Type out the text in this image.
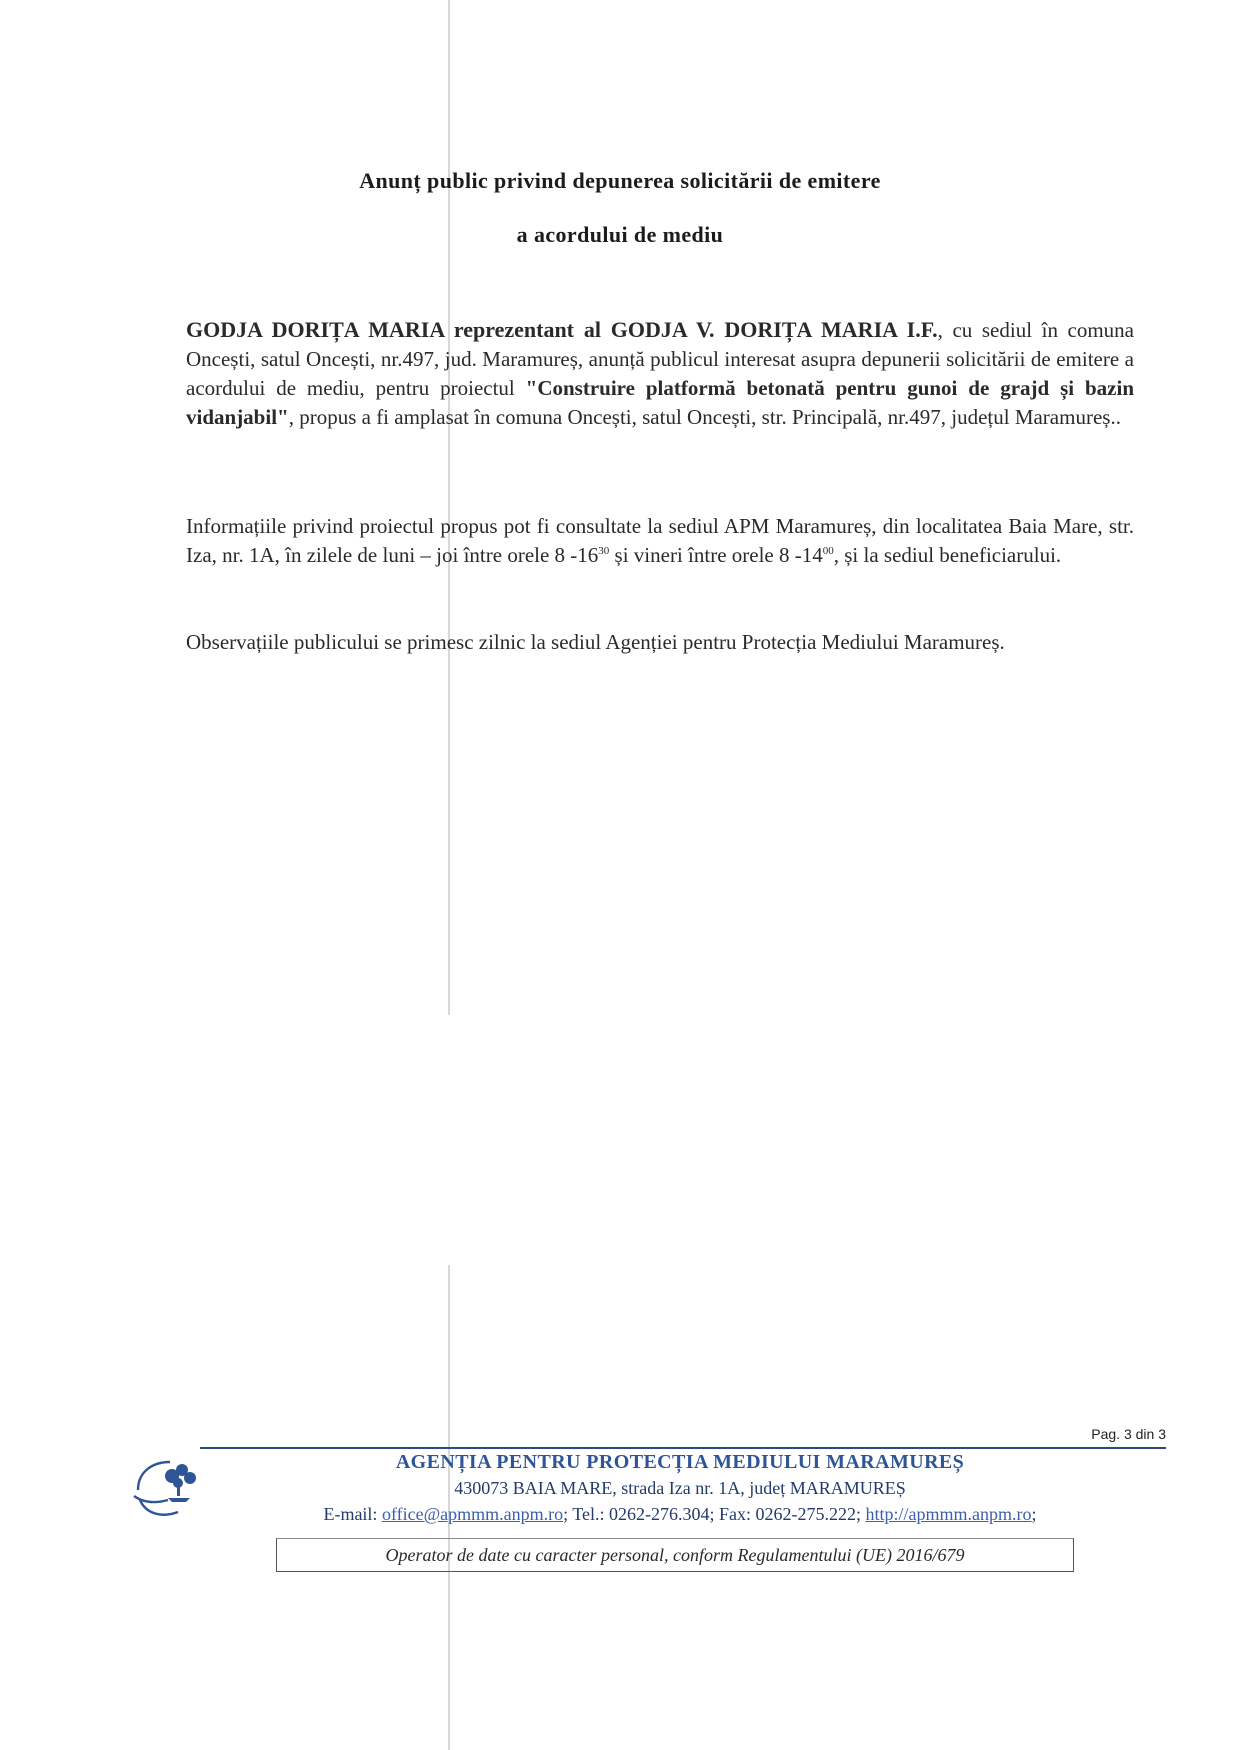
Anunț public privind depunerea solicitării de emitere
a acordului de mediu
GODJA DORIȚA MARIA reprezentant al GODJA V. DORIȚA MARIA I.F., cu sediul în comuna Oncești, satul Oncești, nr.497, jud. Maramureș, anunță publicul interesat asupra depunerii solicitării de emitere a acordului de mediu, pentru proiectul "Construire platformă betonată pentru gunoi de grajd și bazin vidanjabil", propus a fi amplasat în comuna Oncești, satul Oncești, str. Principală, nr.497, județul Maramureș..
Informațiile privind proiectul propus pot fi consultate la sediul APM Maramureș, din localitatea Baia Mare, str. Iza, nr. 1A, în zilele de luni – joi între orele 8 $-16^{30}$ și vineri între orele 8 $-14^{00}$, și la sediul beneficiarului.
Observațiile publicului se primesc zilnic la sediul Agenției pentru Protecția Mediului Maramureș.
Pag. 3 din 3
AGENȚIA PENTRU PROTECȚIA MEDIULUI MARAMUREȘ
430073 BAIA MARE, strada Iza nr. 1A, județ MARAMUREȘ
E-mail: office@apmmm.anpm.ro; Tel.: 0262-276.304; Fax: 0262-275.222; http://apmmm.anpm.ro;
Operator de date cu caracter personal, conform Regulamentului (UE) 2016/679
